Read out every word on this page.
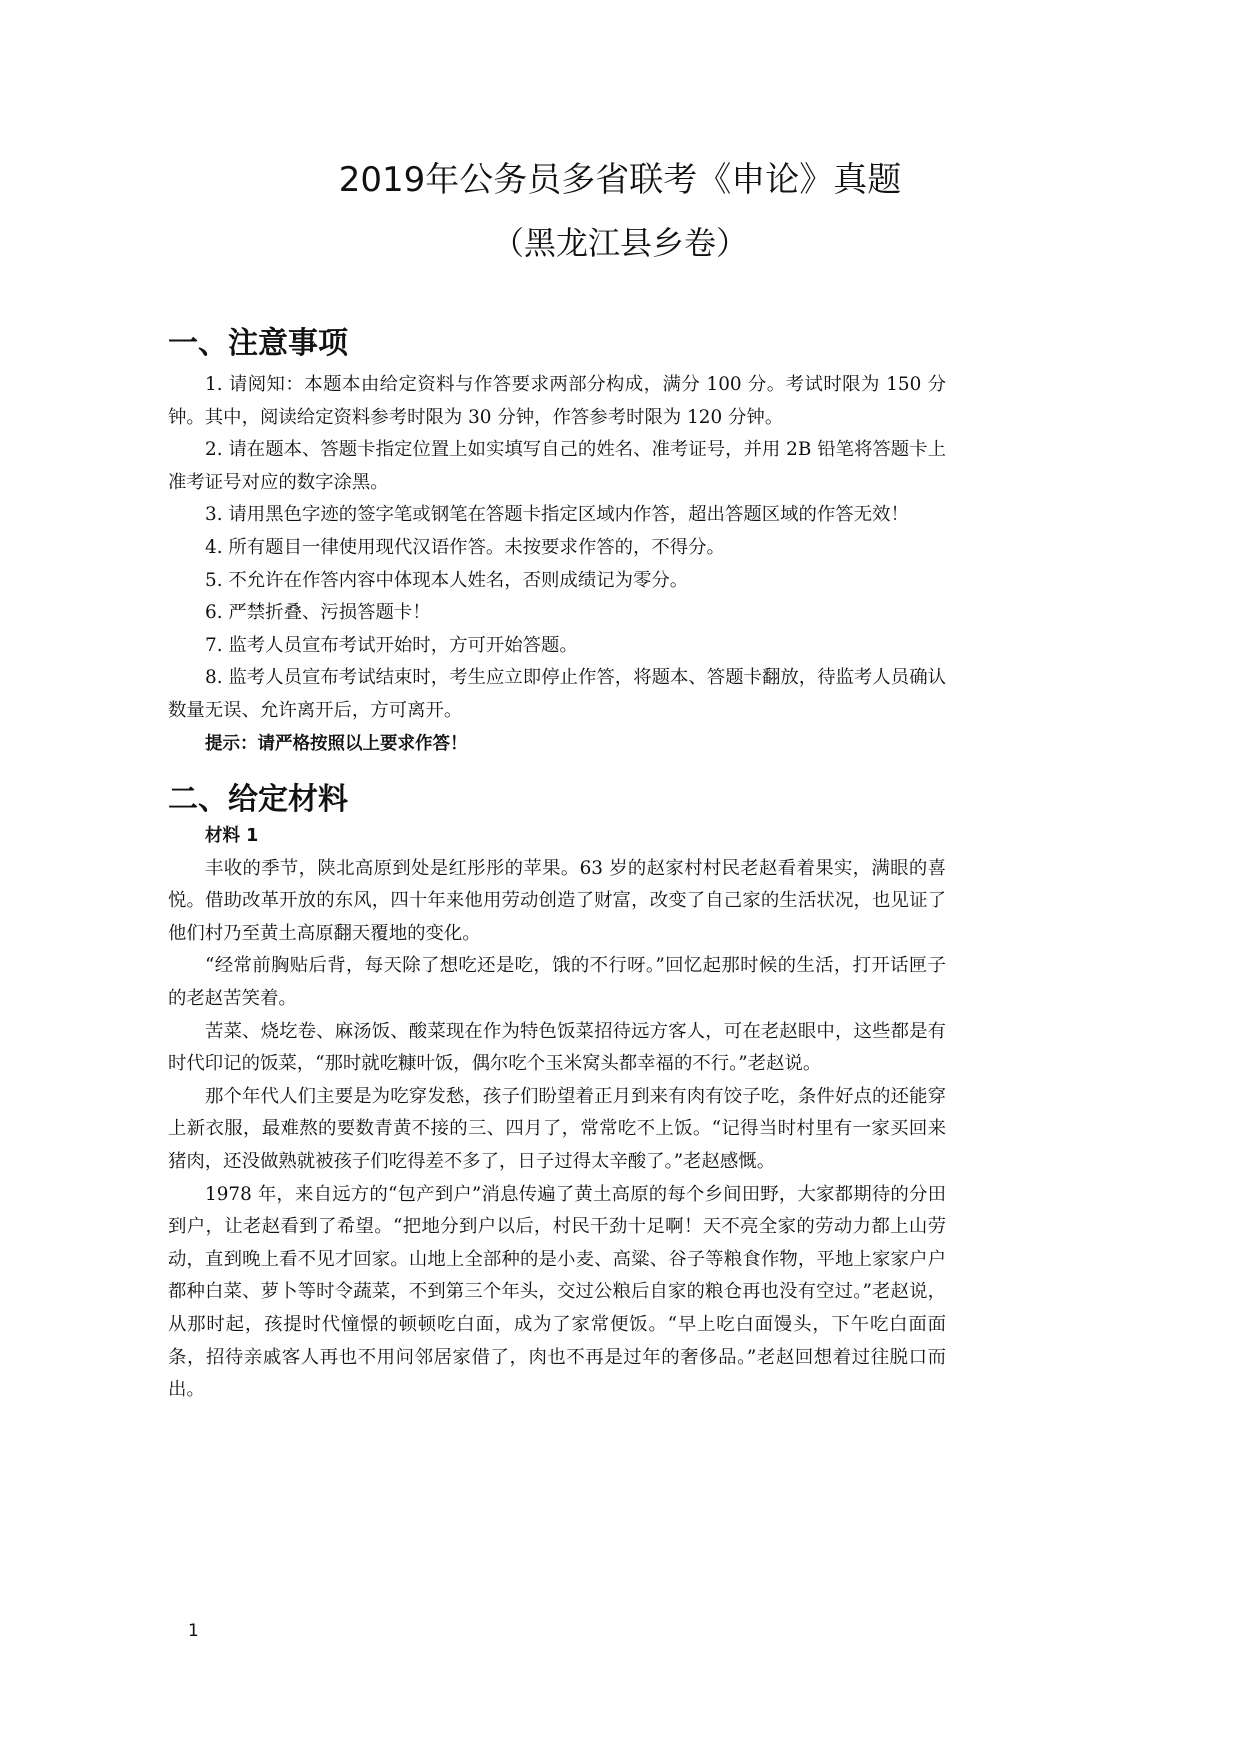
2019年公务员多省联考《申论》真题
（黑龙江县乡卷）
一、注意事项

1. 请阅知：本题本由给定资料与作答要求两部分构成，满分 100 分。考试时限为 150 分钟。其中，阅读给定资料参考时限为 30 分钟，作答参考时限为 120 分钟。

2. 请在题本、答题卡指定位置上如实填写自己的姓名、准考证号，并用 2B 铅笔将答题卡上准考证号对应的数字涂黑。

3. 请用黑色字迹的签字笔或钢笔在答题卡指定区域内作答，超出答题区域的作答无效！

4. 所有题目一律使用现代汉语作答。未按要求作答的，不得分。

5. 不允许在作答内容中体现本人姓名，否则成绩记为零分。

6. 严禁折叠、污损答题卡！

7. 监考人员宣布考试开始时，方可开始答题。

8. 监考人员宣布考试结束时，考生应立即停止作答，将题本、答题卡翻放，待监考人员确认数量无误、允许离开后，方可离开。

提示：请严格按照以上要求作答！

二、给定材料

材料 1

丰收的季节，陕北高原到处是红彤彤的苹果。63 岁的赵家村村民老赵看着果实，满眼的喜悦。借助改革开放的东风，四十年来他用劳动创造了财富，改变了自己家的生活状况，也见证了他们村乃至黄土高原翻天覆地的变化。

“经常前胸贴后背，每天除了想吃还是吃，饿的不行呀。”回忆起那时候的生活，打开话匣子的老赵苦笑着。

苦菜、烧圪卷、麻汤饭、酸菜现在作为特色饭菜招待远方客人，可在老赵眼中，这些都是有时代印记的饭菜，“那时就吃糠叶饭，偶尔吃个玉米窝头都幸福的不行。”老赵说。

那个年代人们主要是为吃穿发愁，孩子们盼望着正月到来有肉有饺子吃，条件好点的还能穿上新衣服，最难熬的要数青黄不接的三、四月了，常常吃不上饭。“记得当时村里有一家买回来猪肉，还没做熟就被孩子们吃得差不多了，日子过得太辛酸了。”老赵感慨。

1978 年，来自远方的“包产到户”消息传遍了黄土高原的每个乡间田野，大家都期待的分田到户，让老赵看到了希望。“把地分到户以后，村民干劲十足啊！天不亮全家的劳动力都上山劳动，直到晚上看不见才回家。山地上全部种的是小麦、高粱、谷子等粮食作物，平地上家家户户都种白菜、萝卜等时令蔬菜，不到第三个年头，交过公粮后自家的粮仓再也没有空过。”老赵说，从那时起，孩提时代憧憬的顿顿吃白面，成为了家常便饭。“早上吃白面馒头，下午吃白面面条，招待亲戚客人再也不用问邻居家借了，肉也不再是过年的奢侈品。”老赵回想着过往脱口而出。

1
